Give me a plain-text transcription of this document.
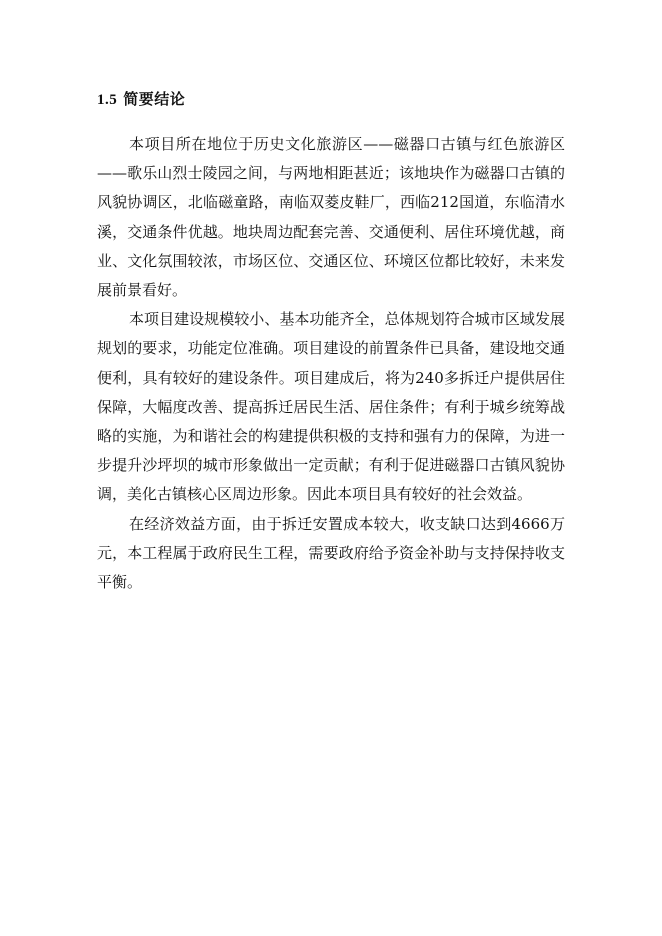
1.5 简要结论

本项目所在地位于历史文化旅游区——磁器口古镇与红色旅游区——歌乐山烈士陵园之间，与两地相距甚近；该地块作为磁器口古镇的风貌协调区，北临磁童路，南临双菱皮鞋厂，西临212国道，东临清水溪，交通条件优越。地块周边配套完善、交通便利、居住环境优越，商业、文化氛围较浓，市场区位、交通区位、环境区位都比较好，未来发展前景看好。

本项目建设规模较小、基本功能齐全，总体规划符合城市区域发展规划的要求，功能定位准确。项目建设的前置条件已具备，建设地交通便利，具有较好的建设条件。项目建成后，将为240多拆迁户提供居住保障，大幅度改善、提高拆迁居民生活、居住条件；有利于城乡统筹战略的实施，为和谐社会的构建提供积极的支持和强有力的保障，为进一步提升沙坪坝的城市形象做出一定贡献；有利于促进磁器口古镇风貌协调，美化古镇核心区周边形象。因此本项目具有较好的社会效益。

在经济效益方面，由于拆迁安置成本较大，收支缺口达到4666万元，本工程属于政府民生工程，需要政府给予资金补助与支持保持收支平衡。
